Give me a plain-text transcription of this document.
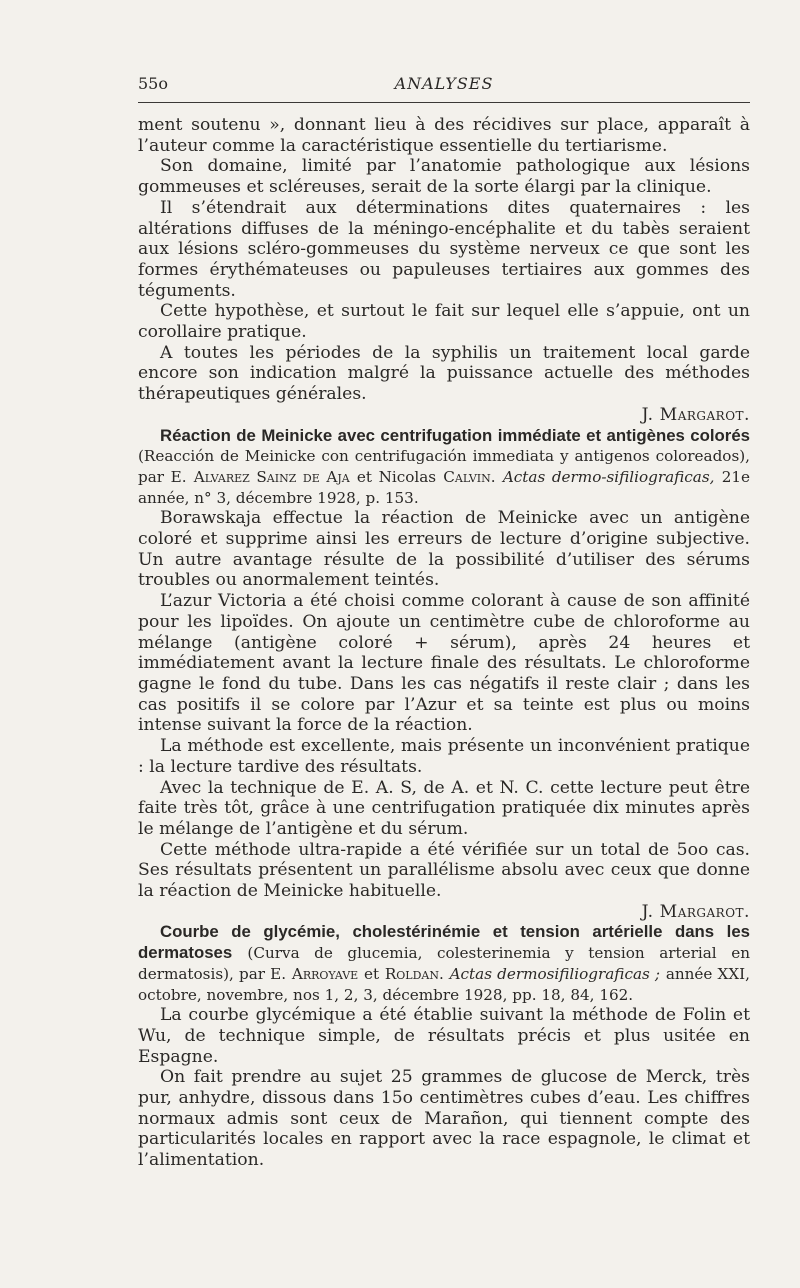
55o	ANALYSES

ment soutenu », donnant lieu à des récidives sur place, apparaît à l’auteur comme la caractéristique essentielle du tertiarisme.

Son domaine, limité par l’anatomie pathologique aux lésions gommeuses et scléreuses, serait de la sorte élargi par la clinique.

Il s’étendrait aux déterminations dites quaternaires : les altérations diffuses de la méningo-encéphalite et du tabès seraient aux lésions scléro-gommeuses du système nerveux ce que sont les formes érythémateuses ou papuleuses tertiaires aux gommes des téguments.

Cette hypothèse, et surtout le fait sur lequel elle s’appuie, ont un corollaire pratique.

A toutes les périodes de la syphilis un traitement local garde encore son indication malgré la puissance actuelle des méthodes thérapeutiques générales.

J. Margarot.

Réaction de Meinicke avec centrifugation immédiate et antigènes colorés (Reacción de Meinicke con centrifugación immediata y antigenos coloreados), par E. Alvarez Sainz de Aja et Nicolas Calvin. Actas dermo-sifiliograficas, 21e année, n° 3, décembre 1928, p. 153.

Borawskaja effectue la réaction de Meinicke avec un antigène coloré et supprime ainsi les erreurs de lecture d’origine subjective. Un autre avantage résulte de la possibilité d’utiliser des sérums troubles ou anormalement teintés.

L’azur Victoria a été choisi comme colorant à cause de son affinité pour les lipoïdes. On ajoute un centimètre cube de chloroforme au mélange (antigène coloré + sérum), après 24 heures et immédiatement avant la lecture finale des résultats. Le chloroforme gagne le fond du tube. Dans les cas négatifs il reste clair ; dans les cas positifs il se colore par l’Azur et sa teinte est plus ou moins intense suivant la force de la réaction.

La méthode est excellente, mais présente un inconvénient pratique : la lecture tardive des résultats.

Avec la technique de E. A. S, de A. et N. C. cette lecture peut être faite très tôt, grâce à une centrifugation pratiquée dix minutes après le mélange de l’antigène et du sérum.

Cette méthode ultra-rapide a été vérifiée sur un total de 5oo cas. Ses résultats présentent un parallélisme absolu avec ceux que donne la réaction de Meinicke habituelle.

J. Margarot.

Courbe de glycémie, cholestérinémie et tension artérielle dans les dermatoses (Curva de glucemia, colesterinemia y tension arterial en dermatosis), par E. Arroyave et Roldan. Actas dermosifiliograficas ; année XXI, octobre, novembre, nos 1, 2, 3, décembre 1928, pp. 18, 84, 162.

La courbe glycémique a été établie suivant la méthode de Folin et Wu, de technique simple, de résultats précis et plus usitée en Espagne.

On fait prendre au sujet 25 grammes de glucose de Merck, très pur, anhydre, dissous dans 15o centimètres cubes d’eau. Les chiffres normaux admis sont ceux de Marañon, qui tiennent compte des particularités locales en rapport avec la race espagnole, le climat et l’alimentation.
